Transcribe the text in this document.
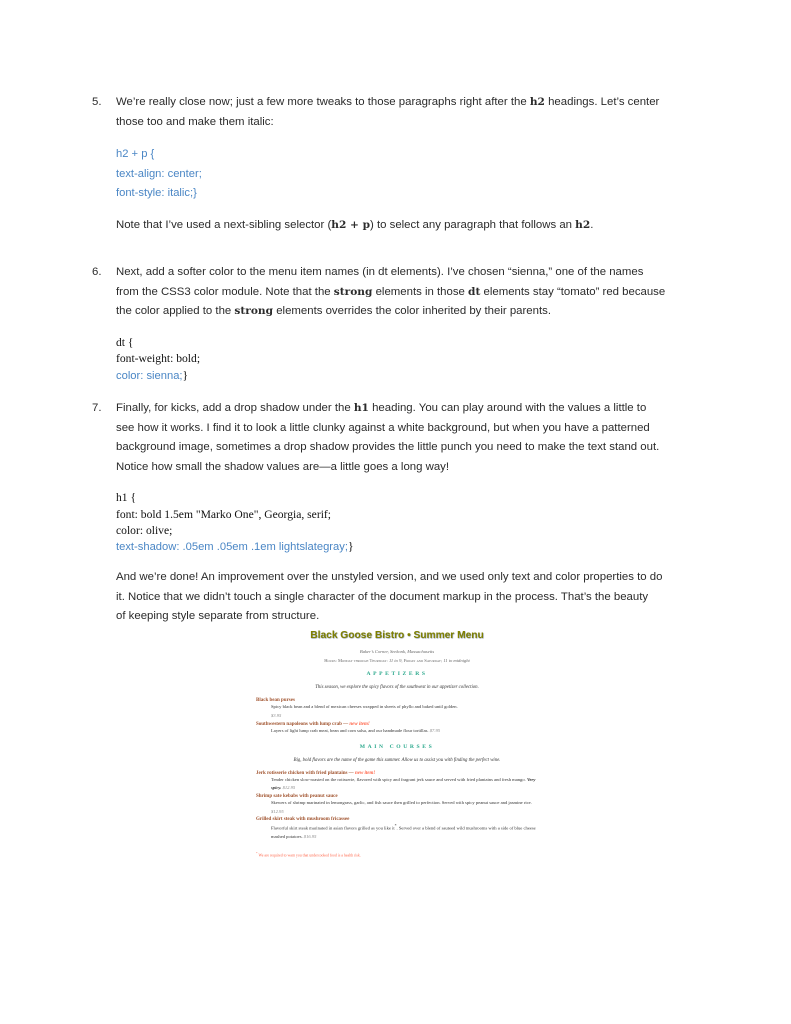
5.	We’re really close now; just a few more tweaks to those paragraphs right after the h2 headings. Let’s center
those too and make them italic:
h2 + p {
text-align: center;
font-style: italic;}
Note that I’ve used a next-sibling selector (h2 + p) to select any paragraph that follows an h2.
6.	Next, add a softer color to the menu item names (in dt elements). I’ve chosen “sienna,” one of the names
from the CSS3 color module. Note that the strong elements in those dt elements stay “tomato” red because
the color applied to the strong elements overrides the color inherited by their parents.
dt {
font-weight: bold;
color: sienna;}
7.	Finally, for kicks, add a drop shadow under the h1 heading. You can play around with the values a little to
see how it works. I find it to look a little clunky against a white background, but when you have a patterned
background image, sometimes a drop shadow provides the little punch you need to make the text stand out.
Notice how small the shadow values are—a little goes a long way!
h1 {
font: bold 1.5em "Marko One", Georgia, serif;
color: olive;
text-shadow: .05em .05em .1em lightslategray;}
And we’re done! An improvement over the unstyled version, and we used only text and color properties to do
it. Notice that we didn’t touch a single character of the document markup in the process. That’s the beauty
of keeping style separate from structure.
Black Goose Bistro • Summer Menu
Baker’s Corner, Seekonk, Massachusetts
Hours: Monday through Thursday: 11 to 9, Friday and Saturday; 11 to midnight
APPETIZERS
This season, we explore the spicy flavors of the southwest in our appetizer collection.
Black bean purses
Spicy black bean and a blend of mexican cheeses wrapped in sheets of phyllo and baked until golden.
$3.95
Southwestern napoleons with lump crab — new item!
Layers of light lump crab meat, bean and corn salsa, and our handmade flour tortillas. $7.95
MAIN COURSES
Big, bold flavors are the name of the game this summer. Allow us to assist you with finding the perfect wine.
Jerk rotisserie chicken with fried plantains — new item!
Tender chicken slow-roasted on the rotisserie, flavored with spicy and fragrant jerk sauce and served with fried plantains and fresh mango. Very spicy. $12.95
Shrimp sate kebabs with peanut sauce
Skewers of shrimp marinated in lemongrass, garlic, and fish sauce then grilled to perfection. Served with spicy peanut sauce and jasmine rice. $12.95
Grilled skirt steak with mushroom fricassee
Flavorful skirt steak marinated in asian flavors grilled as you like it*. Served over a blend of sauteed wild mushrooms with a side of blue cheese mashed potatoes. $16.95
* We are required to warn you that undercooked food is a health risk.
